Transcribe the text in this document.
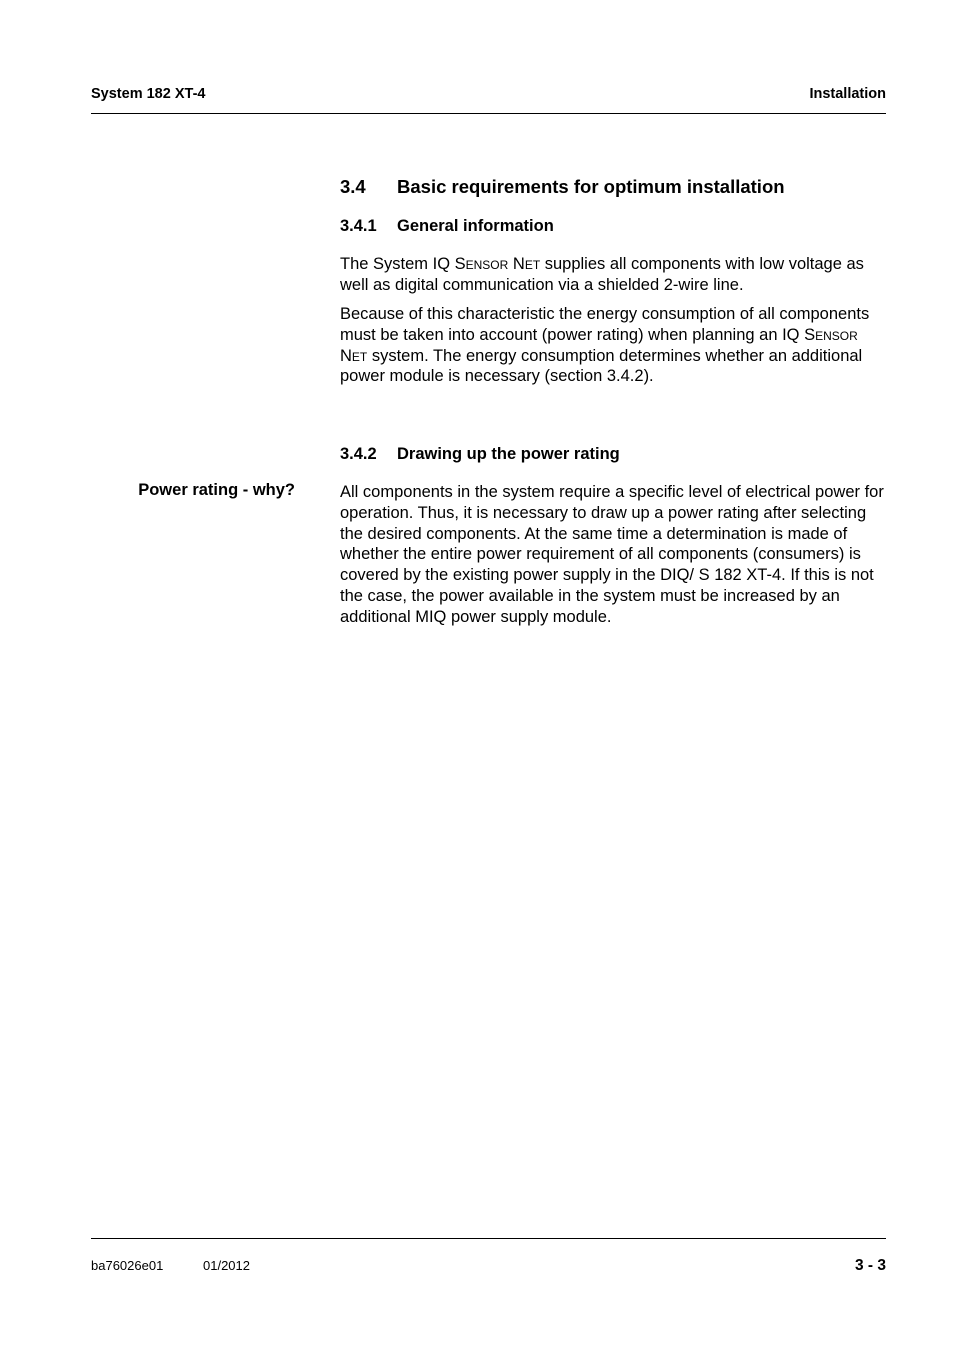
System 182 XT-4	Installation
3.4 Basic requirements for optimum installation
3.4.1 General information
The System IQ Sensor Net supplies all components with low voltage as well as digital communication via a shielded 2-wire line.
Because of this characteristic the energy consumption of all components must be taken into account (power rating) when planning an IQ Sensor Net system. The energy consumption determines whether an additional power module is necessary (section 3.4.2).
3.4.2 Drawing up the power rating
Power rating - why?	All components in the system require a specific level of electrical power for operation. Thus, it is necessary to draw up a power rating after selecting the desired components. At the same time a determination is made of whether the entire power requirement of all components (consumers) is covered by the existing power supply in the DIQ/ S 182 XT-4. If this is not the case, the power available in the system must be increased by an additional MIQ power supply module.
ba76026e01	01/2012	3 - 3
